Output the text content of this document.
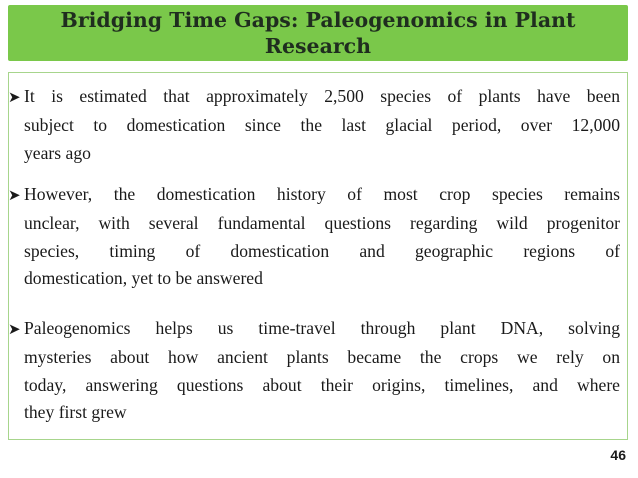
Bridging Time Gaps: Paleogenomics in Plant
Research

➤ It is estimated that approximately 2,500 species of plants have been
subject to domestication since the last glacial period, over 12,000
years ago
➤ However, the domestication history of most crop species remains
unclear, with several fundamental questions regarding wild progenitor
species, timing of domestication and geographic regions of
domestication, yet to be answered
➤ Paleogenomics helps us time-travel through plant DNA, solving
mysteries about how ancient plants became the crops we rely on
today, answering questions about their origins, timelines, and where
they first grew
46
